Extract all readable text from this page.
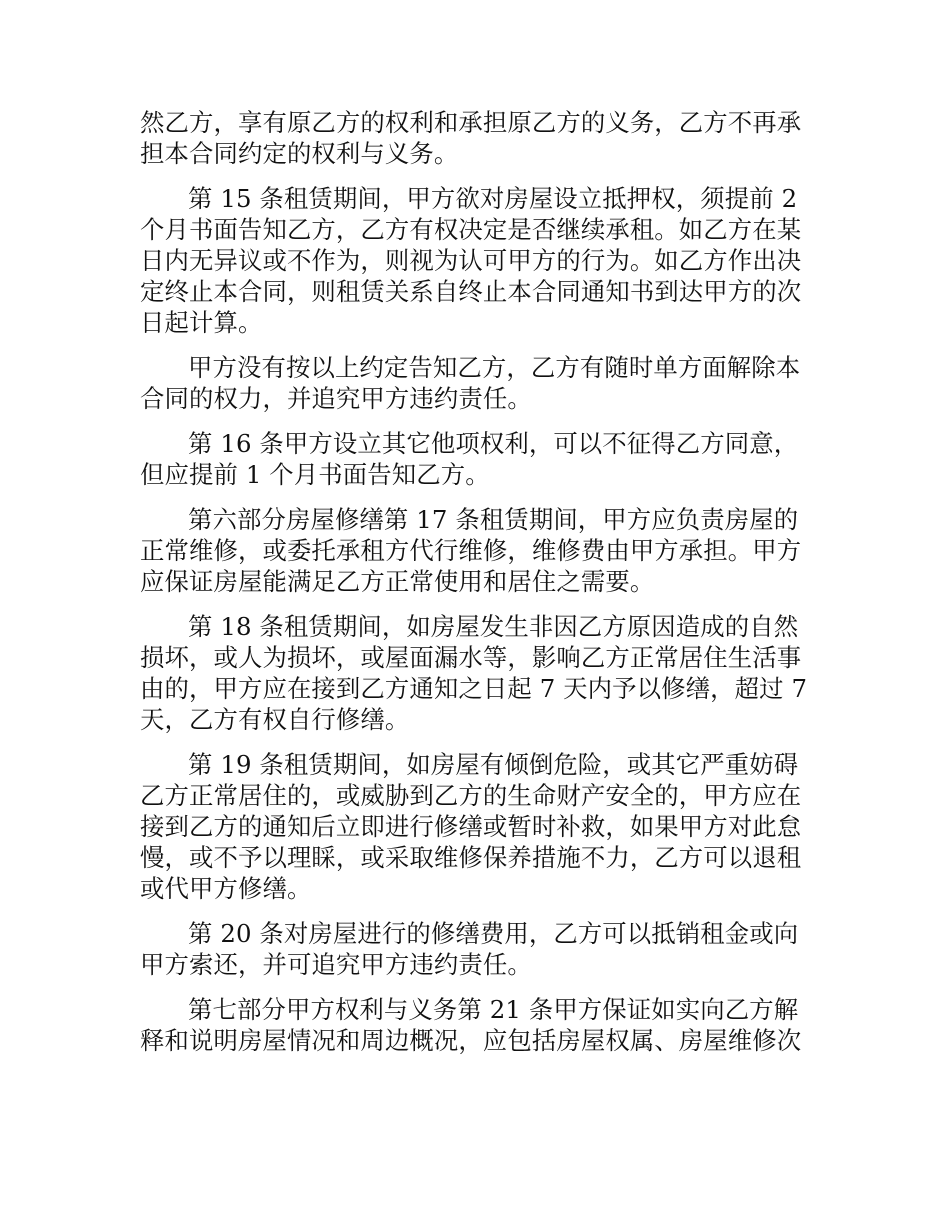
然乙方，享有原乙方的权利和承担原乙方的义务，乙方不再承担本合同约定的权利与义务。

第 15 条租赁期间，甲方欲对房屋设立抵押权，须提前 2 个月书面告知乙方，乙方有权决定是否继续承租。如乙方在某日内无异议或不作为，则视为认可甲方的行为。如乙方作出决定终止本合同，则租赁关系自终止本合同通知书到达甲方的次日起计算。

甲方没有按以上约定告知乙方，乙方有随时单方面解除本合同的权力，并追究甲方违约责任。

第 16 条甲方设立其它他项权利，可以不征得乙方同意，但应提前 1 个月书面告知乙方。

第六部分房屋修缮第 17 条租赁期间，甲方应负责房屋的正常维修，或委托承租方代行维修，维修费由甲方承担。甲方应保证房屋能满足乙方正常使用和居住之需要。

第 18 条租赁期间，如房屋发生非因乙方原因造成的自然损坏，或人为损坏，或屋面漏水等，影响乙方正常居住生活事由的，甲方应在接到乙方通知之日起 7 天内予以修缮，超过 7 天，乙方有权自行修缮。

第 19 条租赁期间，如房屋有倾倒危险，或其它严重妨碍乙方正常居住的，或威胁到乙方的生命财产安全的，甲方应在接到乙方的通知后立即进行修缮或暂时补救，如果甲方对此怠慢，或不予以理睬，或采取维修保养措施不力，乙方可以退租或代甲方修缮。

第 20 条对房屋进行的修缮费用，乙方可以抵销租金或向甲方索还，并可追究甲方违约责任。

第七部分甲方权利与义务第 21 条甲方保证如实向乙方解释和说明房屋情况和周边概况，应包括房屋权属、房屋维修次
